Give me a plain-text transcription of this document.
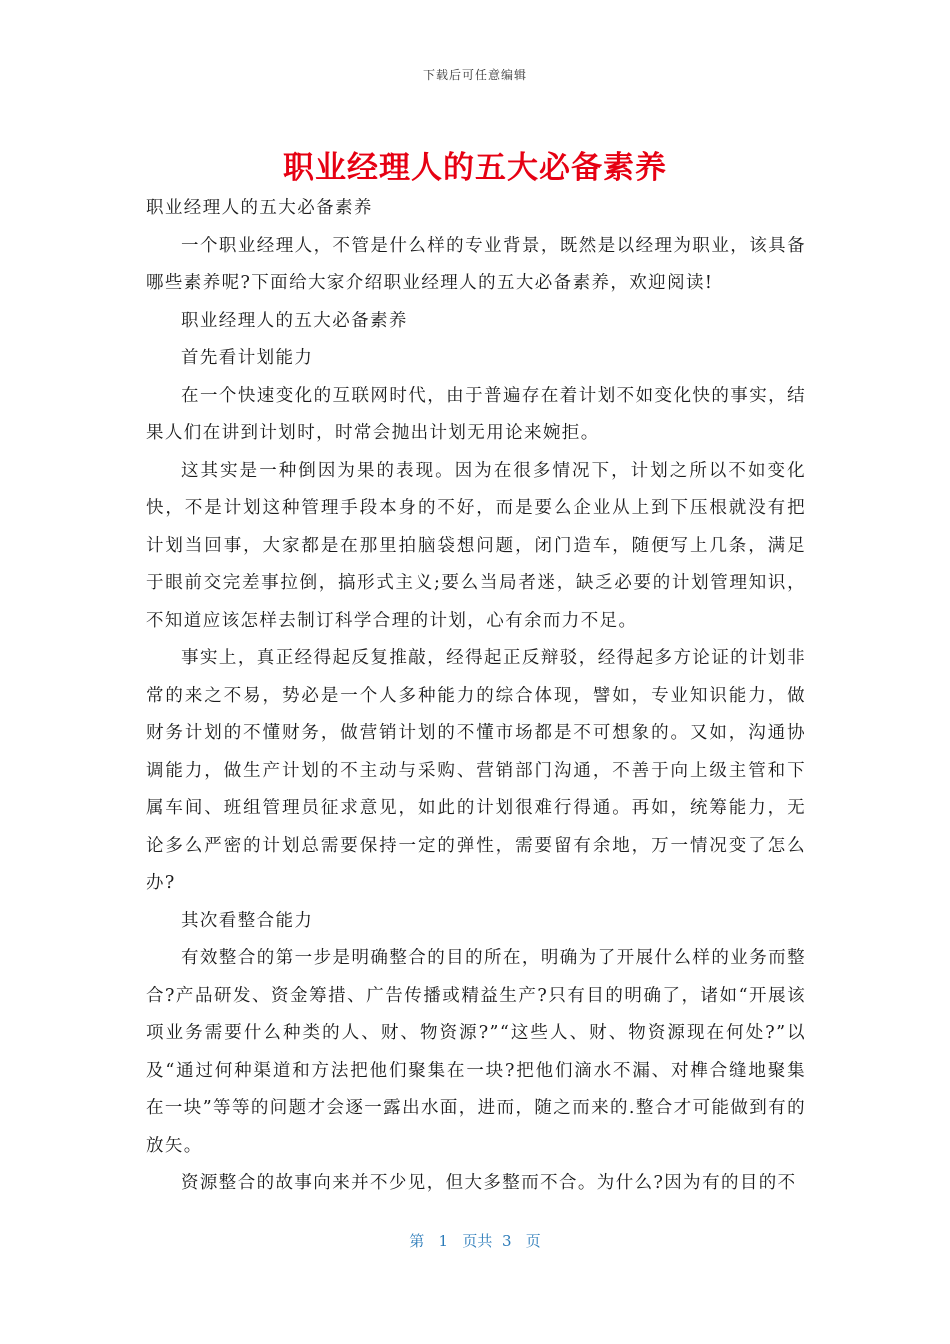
下载后可任意编辑
职业经理人的五大必备素养

职业经理人的五大必备素养

一个职业经理人，不管是什么样的专业背景，既然是以经理为职业，该具备哪些素养呢?下面给大家介绍职业经理人的五大必备素养，欢迎阅读!

职业经理人的五大必备素养

首先看计划能力

在一个快速变化的互联网时代，由于普遍存在着计划不如变化快的事实，结果人们在讲到计划时，时常会抛出计划无用论来婉拒。

这其实是一种倒因为果的表现。因为在很多情况下，计划之所以不如变化快，不是计划这种管理手段本身的不好，而是要么企业从上到下压根就没有把计划当回事，大家都是在那里拍脑袋想问题，闭门造车，随便写上几条，满足于眼前交完差事拉倒，搞形式主义;要么当局者迷，缺乏必要的计划管理知识，不知道应该怎样去制订科学合理的计划，心有余而力不足。

事实上，真正经得起反复推敲，经得起正反辩驳，经得起多方论证的计划非常的来之不易，势必是一个人多种能力的综合体现，譬如，专业知识能力，做财务计划的不懂财务，做营销计划的不懂市场都是不可想象的。又如，沟通协调能力，做生产计划的不主动与采购、营销部门沟通，不善于向上级主管和下属车间、班组管理员征求意见，如此的计划很难行得通。再如，统筹能力，无论多么严密的计划总需要保持一定的弹性，需要留有余地，万一情况变了怎么办?

其次看整合能力

有效整合的第一步是明确整合的目的所在，明确为了开展什么样的业务而整合?产品研发、资金筹措、广告传播或精益生产?只有目的明确了，诸如“开展该项业务需要什么种类的人、财、物资源?”“这些人、财、物资源现在何处?”以及“通过何种渠道和方法把他们聚集在一块?把他们滴水不漏、对榫合缝地聚集在一块”等等的问题才会逐一露出水面，进而，随之而来的.整合才可能做到有的放矢。

资源整合的故事向来并不少见，但大多整而不合。为什么?因为有的目的不

第 1 页共 3 页
